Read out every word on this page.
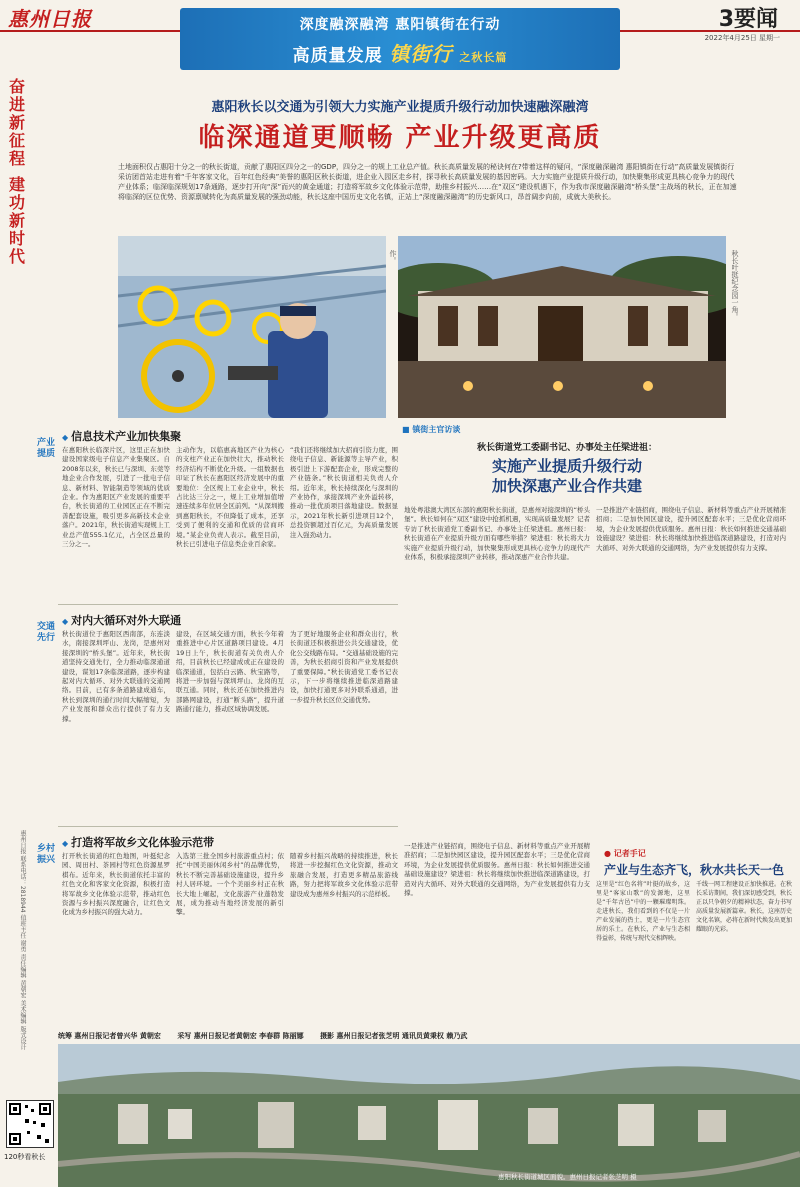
惠州日报	3要闻
2022年4月25日 星期一
深度融深融湾 惠阳镇街在行动
高质量发展 镇街行 之秋长篇
奋
进
新
征
程
建
功
新
时
代
惠阳秋长以交通为引领大力实施产业提质升级行动加快速融深融湾
临深通道更顺畅 产业升级更高质
土地面积仅占惠阳十分之一的秋长街道，贡献了惠阳区四分之一的GDP，四分之一的规上工业总产值。秋长高质量发展的秘诀何在?带着这样的疑问，“深度融深融湾 惠阳镇街在行动”高质量发展镇街行采访团首站走进有着“千年客家文化，百年红色经典”美誉的惠阳区秋长街道，进企业入园区走乡村，探寻秋长高质量发展的基因密码。大力实施产业提质升级行动，加快聚集形成更具核心竞争力的现代产业体系；临深临深规划17条通路，逐步打开向“深”而兴的黄金通道；打造将军故乡文化体验示范带，助推乡村振兴……在“双区”建设机遇下，作为我市深度融深融湾“桥头堡”主战场的秋长，正在加速将临深的区位优势、资源禀赋转化为高质量发展的强劲动能，秋长这座中国历史文化名镇，正站上“深度融深融湾”的历史新风口，昂首阔步向前，成就大美秋长。
作。	秋长叶挺纪念园一角。
产业提质
◆ 信息技术产业加快集聚
在惠阳秋长临深片区，这里正在加快建设国家级电子信息产业集聚区。自2008年以来，秋长已与深圳、东莞等地企业合作发展，引进了一批电子信息、新材料、智能制造等领域的优质企业。作为惠阳区产业发展的重要平台，秋长街道的工业园区正在不断完善配套设施，吸引更多高新技术企业落户。2021年，秋长街道实现规上工业总产值555.1亿元，占全区总量的三分之一。
主动作为，以临惠高地区产业为核心的支柱产业正在加快壮大，推动秋长经济结构不断优化升级。一组数据也印证了秋长在惠阳区经济发展中的重要地位：全区规上工业企业中，秋长占比达三分之一，规上工业增加值增速连续多年位居全区前列。“从深圳搬到惠阳秋长，不但降低了成本，还享受到了便利的交通和优质的营商环境。”某企业负责人表示。截至目前，秋长已引进电子信息类企业百余家。
“我们还将继续加大招商引资力度，围绕电子信息、新能源等主导产业，积极引进上下游配套企业，形成完整的产业链条。”秋长街道相关负责人介绍。近年来，秋长持续深化与深圳的产业协作，承接深圳产业外溢转移，推动一批优质项目落地建设。数据显示，2021年秋长新引进项目12个，总投资额超过百亿元，为高质量发展注入强劲动力。
交通先行
◆ 对内大循环对外大联通
秋长街道位于惠阳区西南部，东连淡水，南接深圳坪山、龙岗，是惠州对接深圳的“桥头堡”。近年来，秋长街道坚持交通先行，全力推动临深通道建设，谋划17条临深道路，逐步构建起对内大循环、对外大联通的交通网络。目前，已有多条道路建成通车，秋长到深圳的通行时间大幅缩短，为产业发展和群众出行提供了有力支撑。
建设，在区域交通方面，秋长今年着重推进中心片区道路项目建设。4月19日上午，秋长街道有关负责人介绍，目前秋长已经建成或正在建设的临深通道，包括白云路、秋宝路等，将进一步加强与深圳坪山、龙岗的互联互通。同时，秋长还在加快推进内部路网建设，打通“断头路”，提升道路通行能力，推动区域协调发展。
为了更好地服务企业和群众出行，秋长街道还积极推进公共交通建设，优化公交线路布局。“交通基础设施的完善，为秋长招商引资和产业发展提供了重要保障。”秋长街道党工委书记表示，下一步将继续推进临深道路建设，加快打通更多对外联系通道，进一步提升秋长区位交通优势。
乡村振兴
◆ 打造将军故乡文化体验示范带
打开秋长街道的红色地图，叶挺纪念园、周田村、茶园村等红色资源星罗棋布。近年来，秋长街道依托丰富的红色文化和客家文化资源，积极打造将军故乡文化体验示范带，推动红色资源与乡村振兴深度融合，让红色文化成为乡村振兴的强大动力。
入选第三批全国乡村旅游重点村；依托“中国美丽休闲乡村”的品牌优势，秋长不断完善基础设施建设，提升乡村人居环境。一个个美丽乡村正在秋长大地上崛起，文化旅游产业蓬勃发展，成为推动当地经济发展的新引擎。
随着乡村振兴战略的持续推进，秋长将进一步挖掘红色文化资源，推动文旅融合发展，打造更多精品旅游线路，努力把将军故乡文化体验示范带建设成为惠州乡村振兴的示范样板。
■ 镇街主官访谈
秋长街道党工委副书记、办事处主任梁进祖：
实施产业提质升级行动
加快深惠产业合作共建
地处粤港澳大湾区东部的惠阳秋长街道，是惠州对接深圳的“桥头堡”。秋长如何在“双区”建设中抢抓机遇，实现高质量发展？记者专访了秋长街道党工委副书记、办事处主任梁进祖。惠州日报：秋长街道在产业提质升级方面有哪些举措？梁进祖：秋长将大力实施产业提质升级行动，加快聚集形成更具核心竞争力的现代产业体系，积极承接深圳产业转移，推动深惠产业合作共建。
一是推进产业链招商，围绕电子信息、新材料等重点产业开展精准招商；二是加快园区建设，提升园区配套水平；三是优化营商环境，为企业发展提供优质服务。惠州日报：秋长如何推进交通基础设施建设？梁进祖：秋长将继续加快推进临深道路建设，打造对内大循环、对外大联通的交通网络，为产业发展提供有力支撑。
● 记者手记
产业与生态齐飞，秋水共长天一色
这里是“红色名将”叶挺的故乡，这里是“客家山歌”的发源地，这里是“千年古邑”中的一颗璀璨明珠。走进秋长，我们看到的不仅是一片产业发展的热土，更是一片生态宜居的乐土。在秋长，产业与生态相得益彰，传统与现代交相辉映。
千线一网工程建设正加快推进。在秋长采访期间，我们深切感受到，秋长正以只争朝夕的精神状态，奋力书写高质量发展新篇章。秋长，这座历史文化名镇，必将在新时代焕发出更加耀眼的光彩。
一是推进产业链招商，围绕电子信息、新材料等重点产业开展精准招商；二是加快园区建设，提升园区配套水平；三是优化营商环境，为企业发展提供优质服务。惠州日报：秋长如何推进交通基础设施建设？梁进祖：秋长将继续加快推进临深道路建设，打造对内大循环、对外大联通的交通网络，为产业发展提供有力支撑。
统筹 惠州日报记者曾兴华 黄朝宏 采写 惠州日报记者黄朝宏 李春群 陈丽娜 摄影 惠州日报记者张芝明 通讯员黄秉权 赖乃武
惠阳秋长街道城区面貌。惠州日报记者张芝明 摄
120秒看秋长
惠州日报 联系电话：2818944 值班主任 谢勇 责任编辑 黄朝宏 美术编辑 版式设计
